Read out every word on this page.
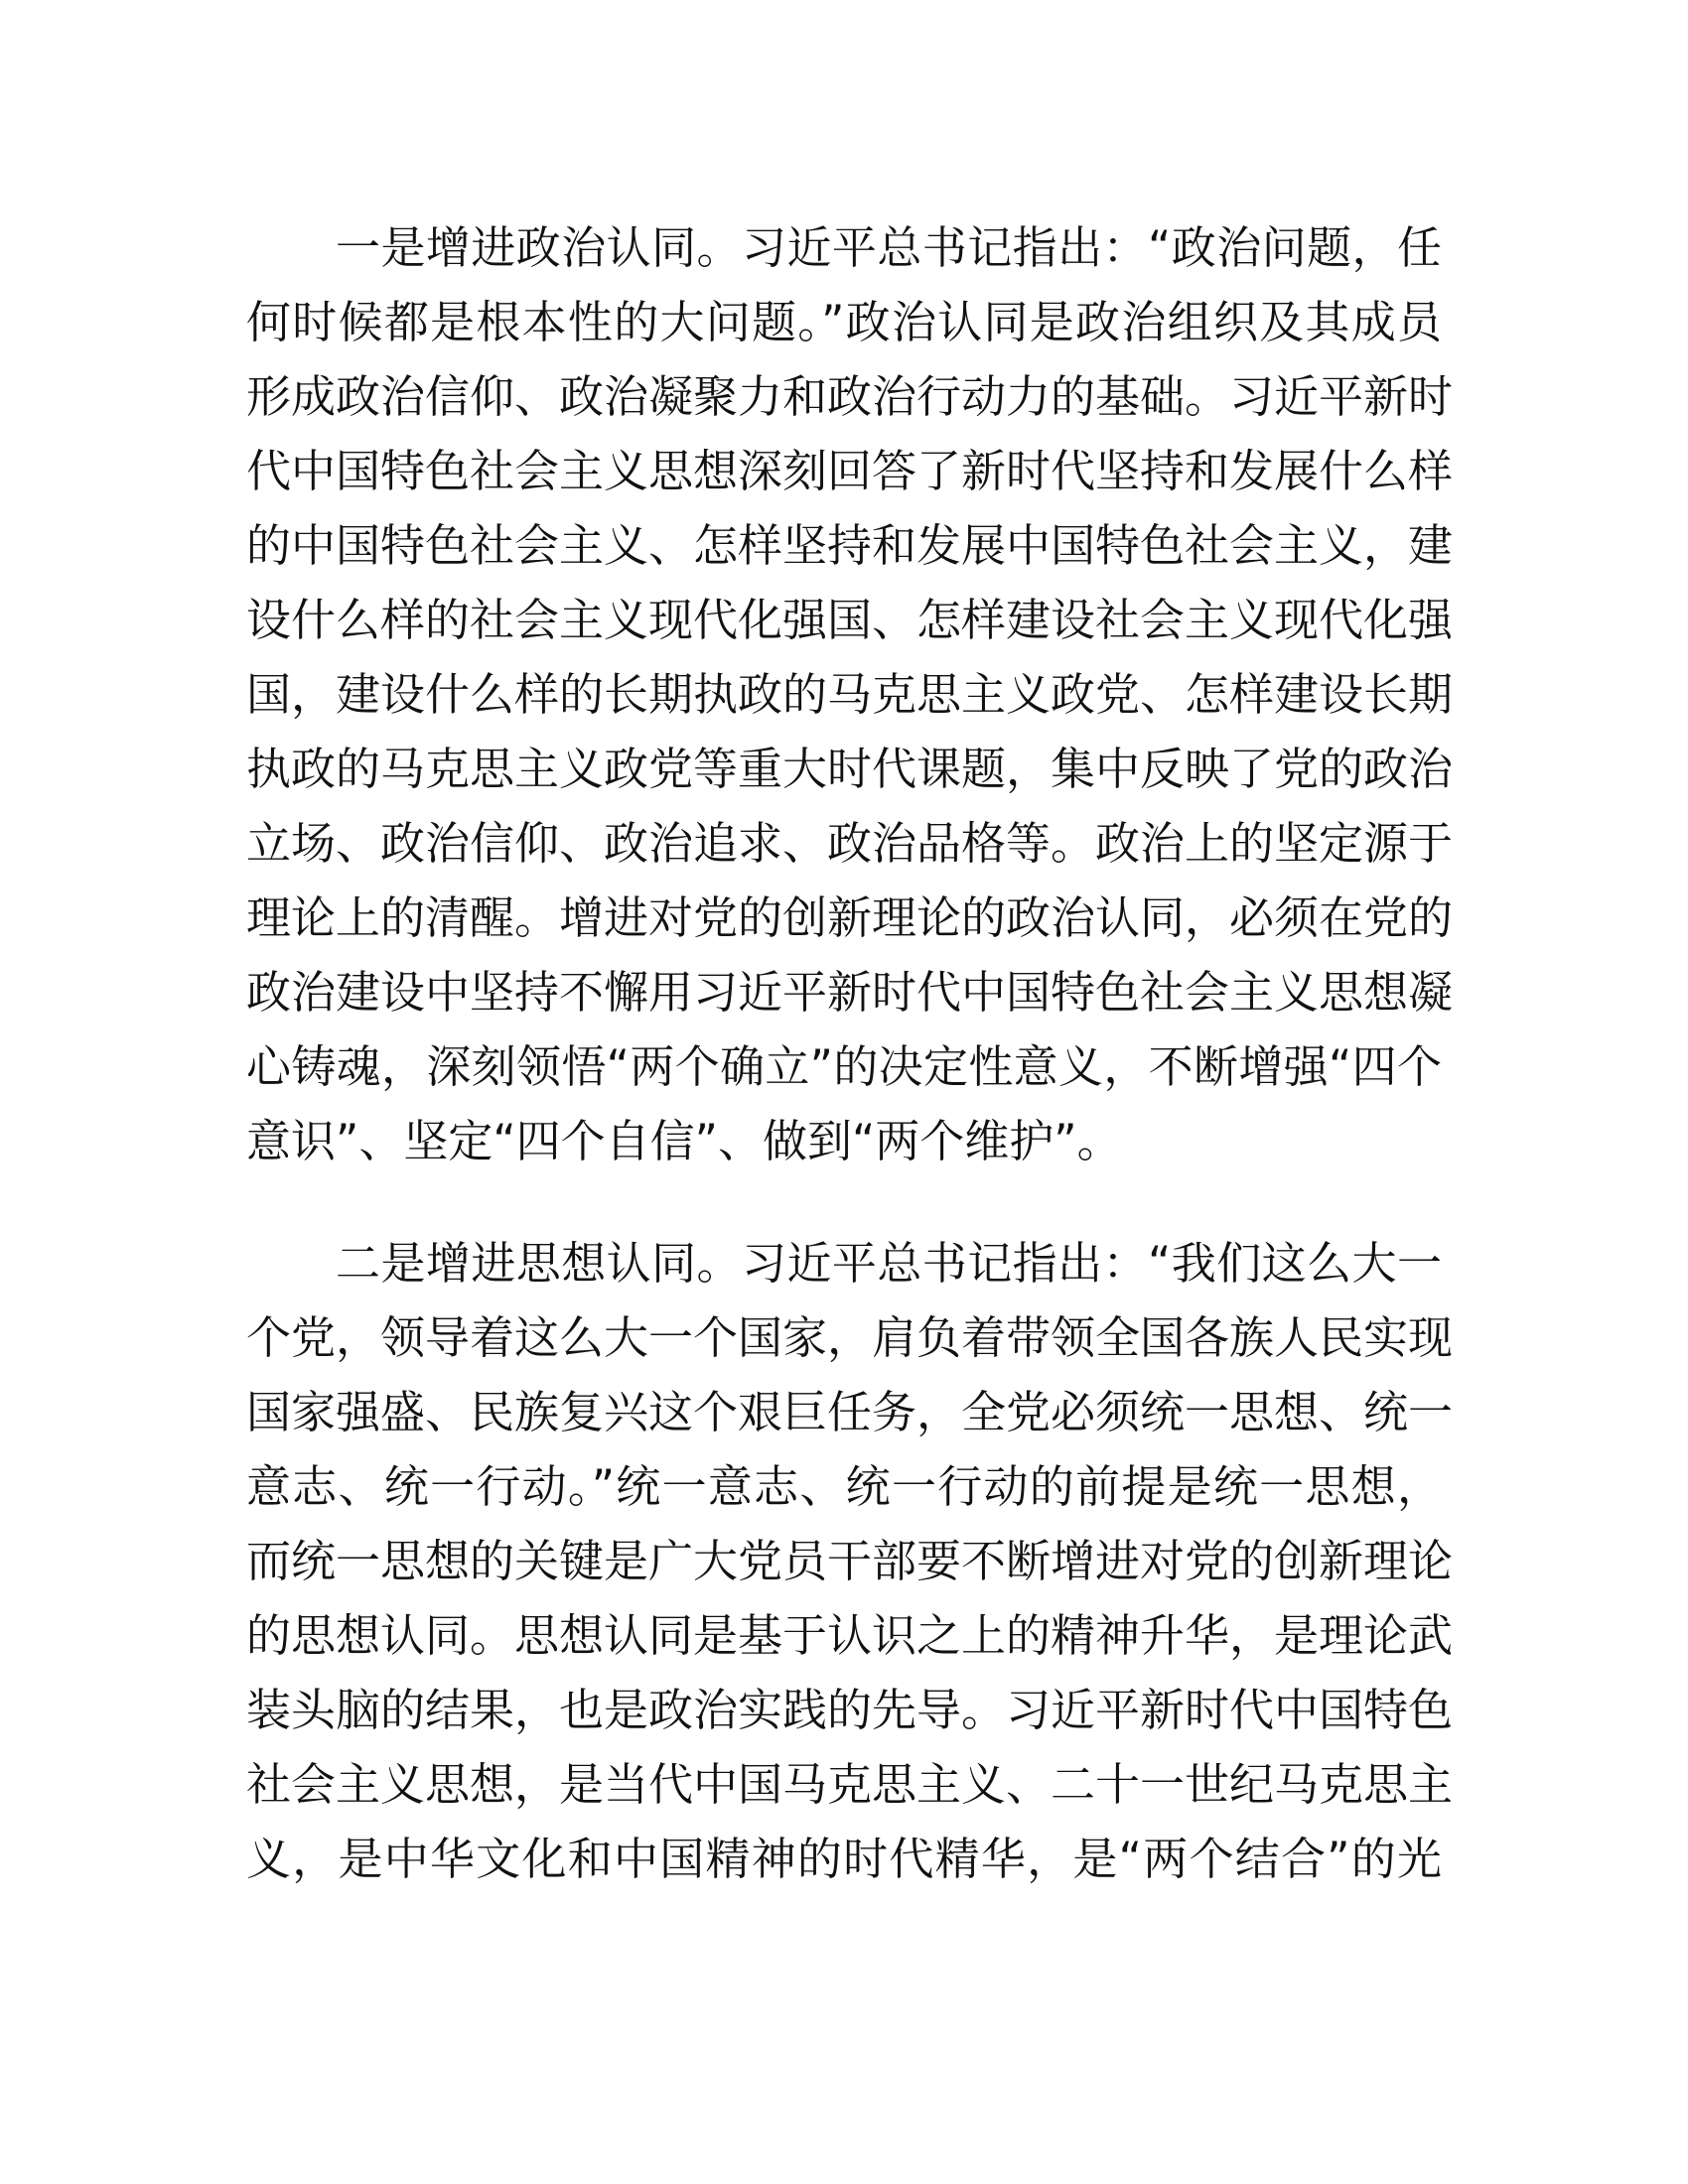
一是增进政治认同。习近平总书记指出：“政治问题，任
何时候都是根本性的大问题。”政治认同是政治组织及其成员
形成政治信仰、政治凝聚力和政治行动力的基础。习近平新时
代中国特色社会主义思想深刻回答了新时代坚持和发展什么样
的中国特色社会主义、怎样坚持和发展中国特色社会主义，建
设什么样的社会主义现代化强国、怎样建设社会主义现代化强
国，建设什么样的长期执政的马克思主义政党、怎样建设长期
执政的马克思主义政党等重大时代课题，集中反映了党的政治
立场、政治信仰、政治追求、政治品格等。政治上的坚定源于
理论上的清醒。增进对党的创新理论的政治认同，必须在党的
政治建设中坚持不懈用习近平新时代中国特色社会主义思想凝
心铸魂，深刻领悟“两个确立”的决定性意义，不断增强“四个
意识”、坚定“四个自信”、做到“两个维护”。
二是增进思想认同。习近平总书记指出：“我们这么大一
个党，领导着这么大一个国家，肩负着带领全国各族人民实现
国家强盛、民族复兴这个艰巨任务，全党必须统一思想、统一
意志、统一行动。”统一意志、统一行动的前提是统一思想，
而统一思想的关键是广大党员干部要不断增进对党的创新理论
的思想认同。思想认同是基于认识之上的精神升华，是理论武
装头脑的结果，也是政治实践的先导。习近平新时代中国特色
社会主义思想，是当代中国马克思主义、二十一世纪马克思主
义，是中华文化和中国精神的时代精华，是“两个结合”的光
